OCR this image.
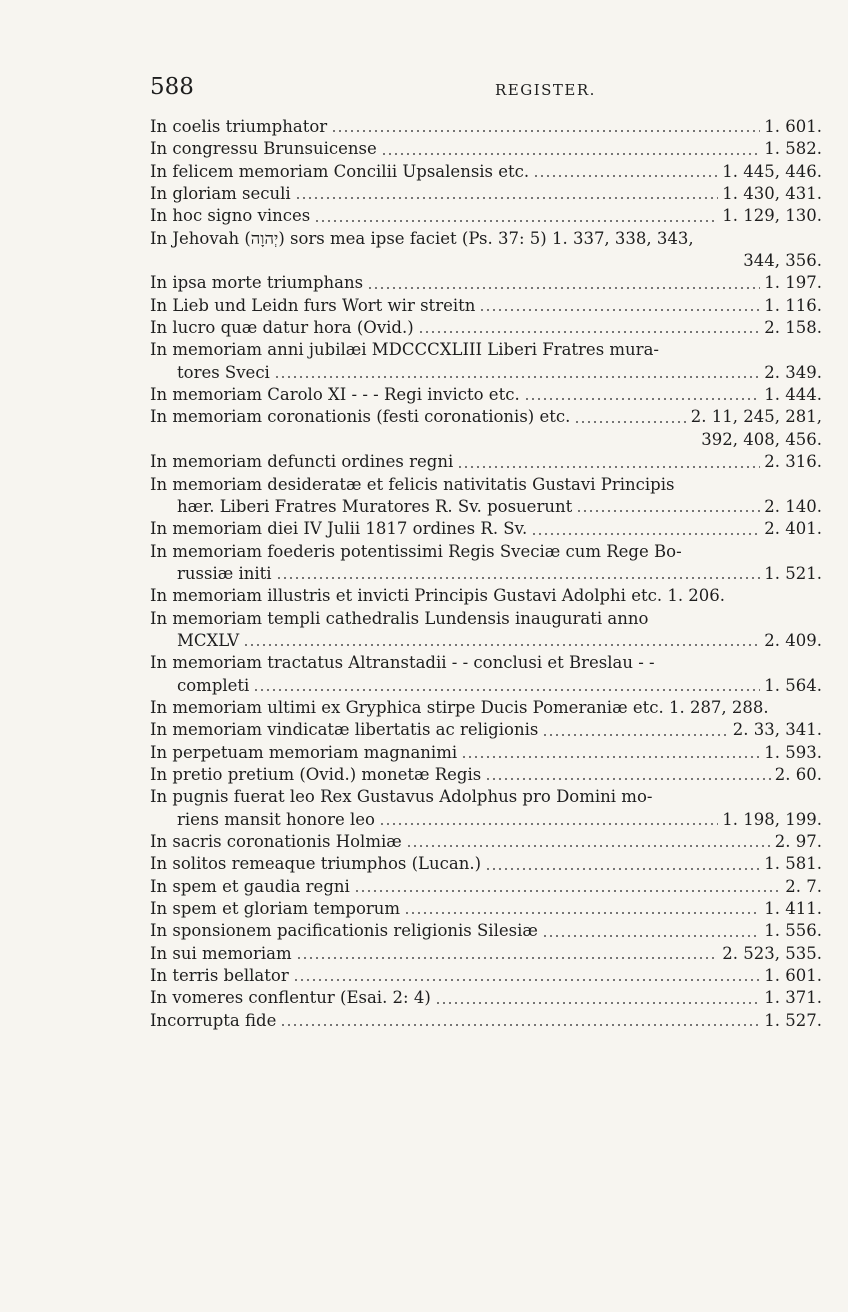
588	REGISTER.
In coelis triumphator	1. 601.
In congressu Brunsuicense	1. 582.
In felicem memoriam Concilii Upsalensis etc.	1. 445, 446.
In gloriam seculi	1. 430, 431.
In hoc signo vinces	1. 129, 130.
In Jehovah (יְהוָה) sors mea ipse faciet (Ps. 37: 5) 1. 337, 338, 343,
344, 356.
In ipsa morte triumphans	1. 197.
In Lieb und Leidn furs Wort wir streitn	1. 116.
In lucro quæ datur hora (Ovid.)	2. 158.
In memoriam anni jubilæi MDCCCXLIII Liberi Fratres mura-
tores Sveci	2. 349.
In memoriam Carolo XI - - - Regi invicto etc.	1. 444.
In memoriam coronationis (festi coronationis) etc.	2. 11, 245, 281,
392, 408, 456.
In memoriam defuncti ordines regni	2. 316.
In memoriam desideratæ et felicis nativitatis Gustavi Principis
hær. Liberi Fratres Muratores R. Sv. posuerunt	2. 140.
In memoriam diei IV Julii 1817 ordines R. Sv.	2. 401.
In memoriam foederis potentissimi Regis Sveciæ cum Rege Bo-
russiæ initi	1. 521.
In memoriam illustris et invicti Principis Gustavi Adolphi etc. 1. 206.
In memoriam templi cathedralis Lundensis inaugurati anno
MCXLV	2. 409.
In memoriam tractatus Altranstadii - - conclusi et Breslau - -
completi	1. 564.
In memoriam ultimi ex Gryphica stirpe Ducis Pomeraniæ etc. 1. 287, 288.
In memoriam vindicatæ libertatis ac religionis	2. 33, 341.
In perpetuam memoriam magnanimi	1. 593.
In pretio pretium (Ovid.) monetæ Regis	2. 60.
In pugnis fuerat leo Rex Gustavus Adolphus pro Domini mo-
riens mansit honore leo	1. 198, 199.
In sacris coronationis Holmiæ	2. 97.
In solitos remeaque triumphos (Lucan.)	1. 581.
In spem et gaudia regni	2. 7.
In spem et gloriam temporum	1. 411.
In sponsionem pacificationis religionis Silesiæ	1. 556.
In sui memoriam	2. 523, 535.
In terris bellator	1. 601.
In vomeres conflentur (Esai. 2: 4)	1. 371.
Incorrupta fide	1. 527.
